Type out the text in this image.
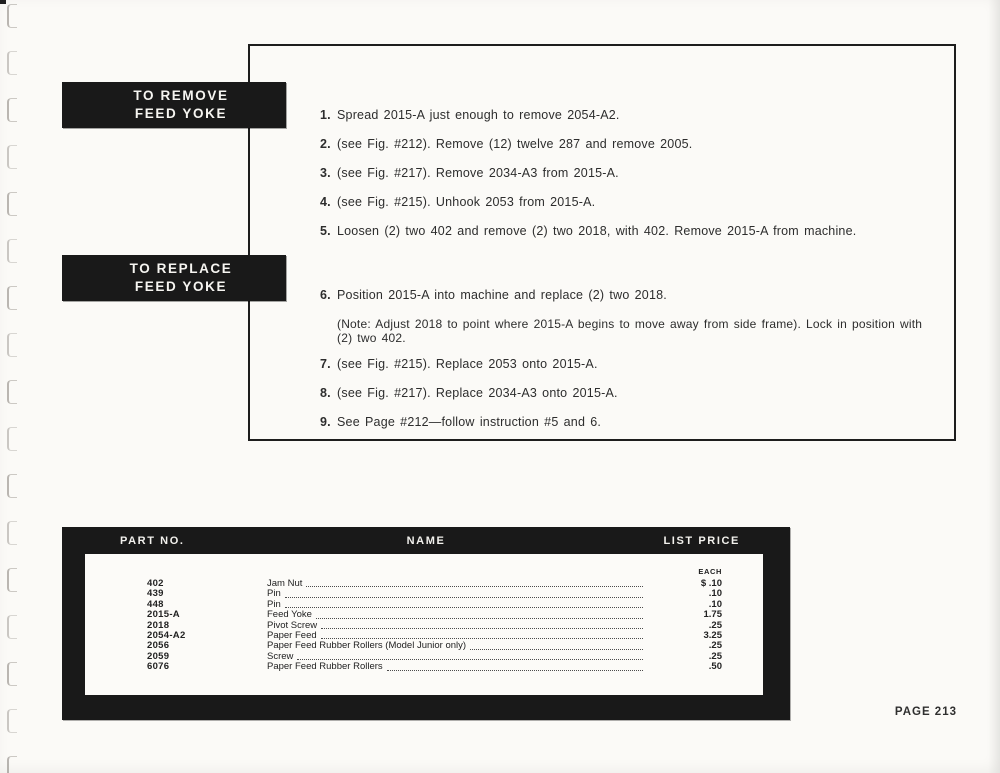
TO REMOVE
FEED YOKE
TO REPLACE
FEED YOKE
1. Spread 2015-A just enough to remove 2054-A2.
2. (see Fig. #212). Remove (12) twelve 287 and remove 2005.
3. (see Fig. #217). Remove 2034-A3 from 2015-A.
4. (see Fig. #215). Unhook 2053 from 2015-A.
5. Loosen (2) two 402 and remove (2) two 2018, with 402. Remove 2015-A from machine.
6. Position 2015-A into machine and replace (2) two 2018.
(Note: Adjust 2018 to point where 2015-A begins to move away from side frame). Lock in position with
(2) two 402.
7. (see Fig. #215). Replace 2053 onto 2015-A.
8. (see Fig. #217). Replace 2034-A3 onto 2015-A.
9. See Page #212—follow instruction #5 and 6.
PART NO.	NAME	LIST PRICE
EACH
402	Jam Nut	$ .10
439	Pin	.10
448	Pin	.10
2015-A	Feed Yoke	1.75
2018	Pivot Screw	.25
2054-A2	Paper Feed	3.25
2056	Paper Feed Rubber Rollers (Model Junior only)	.25
2059	Screw	.25
6076	Paper Feed Rubber Rollers	.50
PAGE 213
